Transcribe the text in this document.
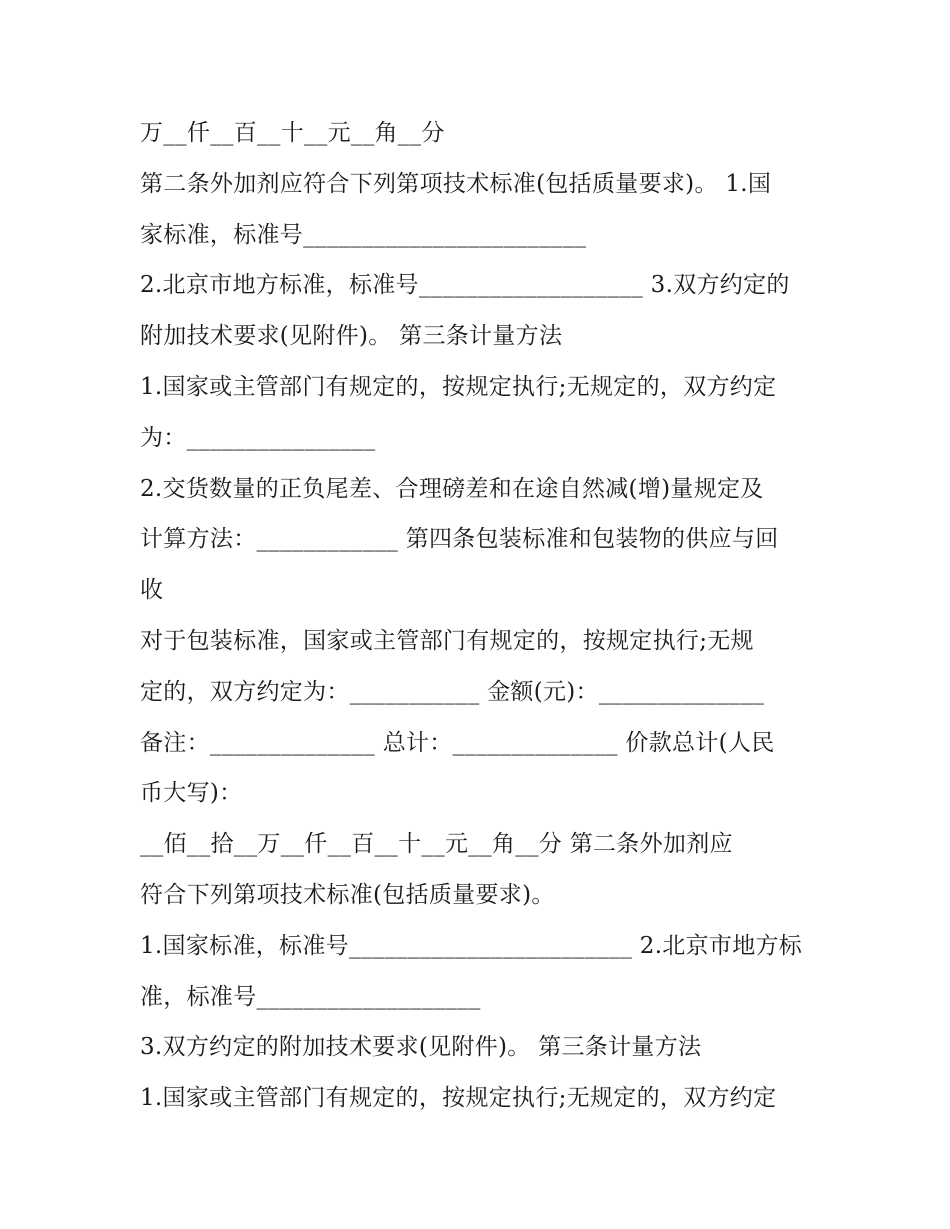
万__仟__百__十__元__角__分
第二条外加剂应符合下列第项技术标准(包括质量要求)。 1.国
家标准，标准号________________________
2.北京市地方标准，标准号___________________ 3.双方约定的
附加技术要求(见附件)。 第三条计量方法
1.国家或主管部门有规定的，按规定执行;无规定的，双方约定
为：________________
2.交货数量的正负尾差、合理磅差和在途自然减(增)量规定及
计算方法：____________ 第四条包装标准和包装物的供应与回
收
对于包装标准，国家或主管部门有规定的，按规定执行;无规
定的，双方约定为：___________ 金额(元)：______________
备注：______________ 总计：______________ 价款总计(人民
币大写)：
__佰__拾__万__仟__百__十__元__角__分 第二条外加剂应
符合下列第项技术标准(包括质量要求)。
1.国家标准，标准号________________________ 2.北京市地方标
准，标准号___________________
3.双方约定的附加技术要求(见附件)。 第三条计量方法
1.国家或主管部门有规定的，按规定执行;无规定的，双方约定
